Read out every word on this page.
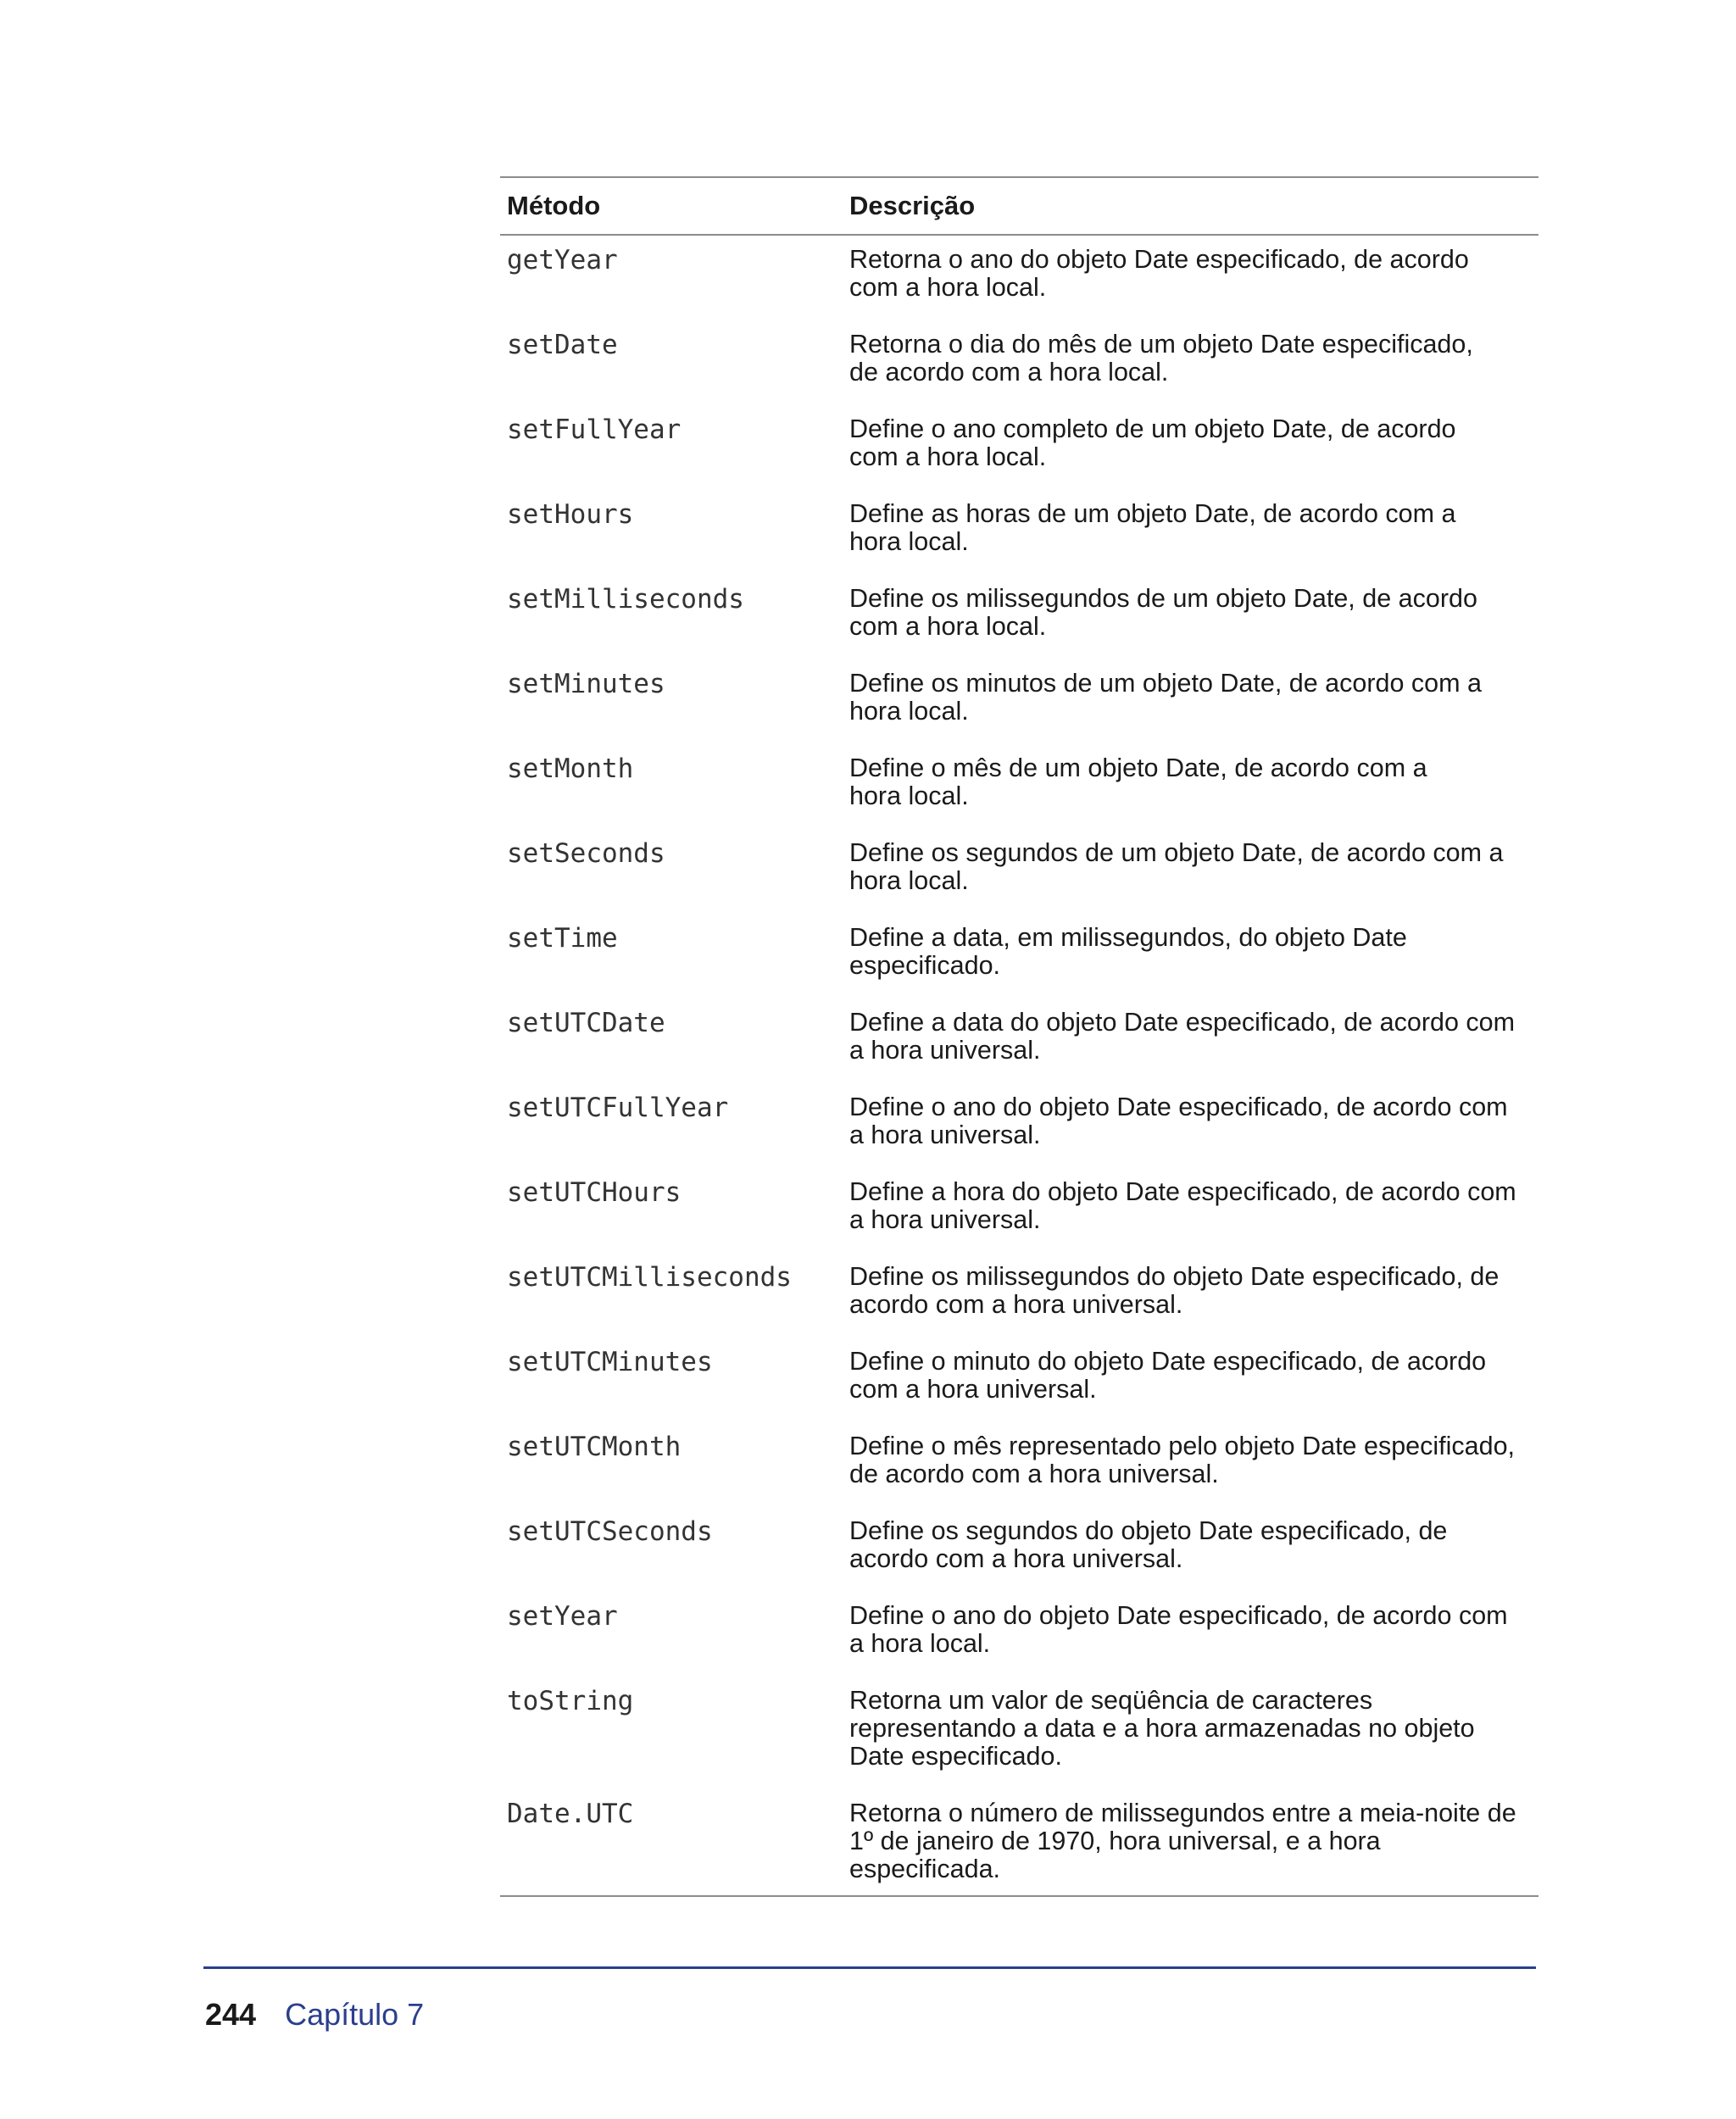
Método	Descrição
getYear	Retorna o ano do objeto Date especificado, de acordo
com a hora local.
setDate	Retorna o dia do mês de um objeto Date especificado,
de acordo com a hora local.
setFullYear	Define o ano completo de um objeto Date, de acordo
com a hora local.
setHours	Define as horas de um objeto Date, de acordo com a
hora local.
setMilliseconds	Define os milissegundos de um objeto Date, de acordo
com a hora local.
setMinutes	Define os minutos de um objeto Date, de acordo com a
hora local.
setMonth	Define o mês de um objeto Date, de acordo com a
hora local.
setSeconds	Define os segundos de um objeto Date, de acordo com a
hora local.
setTime	Define a data, em milissegundos, do objeto Date
especificado.
setUTCDate	Define a data do objeto Date especificado, de acordo com
a hora universal.
setUTCFullYear	Define o ano do objeto Date especificado, de acordo com
a hora universal.
setUTCHours	Define a hora do objeto Date especificado, de acordo com
a hora universal.
setUTCMilliseconds	Define os milissegundos do objeto Date especificado, de
acordo com a hora universal.
setUTCMinutes	Define o minuto do objeto Date especificado, de acordo
com a hora universal.
setUTCMonth	Define o mês representado pelo objeto Date especificado,
de acordo com a hora universal.
setUTCSeconds	Define os segundos do objeto Date especificado, de
acordo com a hora universal.
setYear	Define o ano do objeto Date especificado, de acordo com
a hora local.
toString	Retorna um valor de seqüência de caracteres
representando a data e a hora armazenadas no objeto
Date especificado.
Date.UTC	Retorna o número de milissegundos entre a meia-noite de
1º de janeiro de 1970, hora universal, e a hora especificada.
244 Capítulo 7
